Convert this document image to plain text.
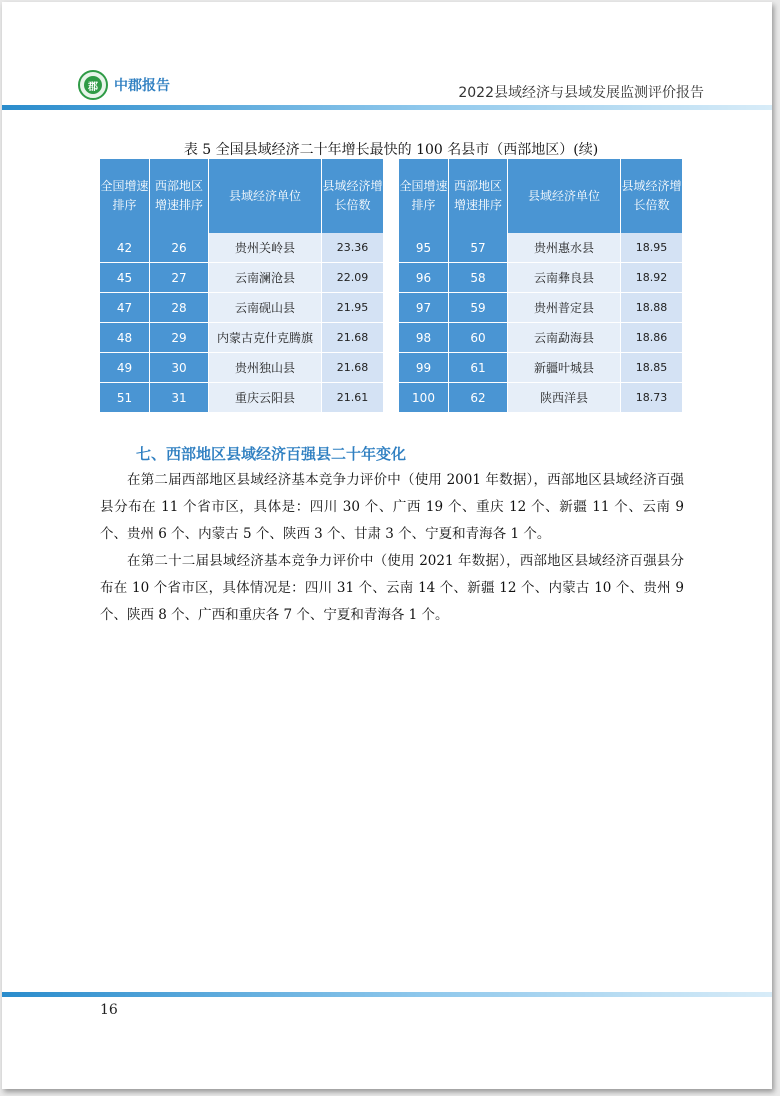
郡 中郡报告	2022县域经济与县域发展监测评价报告
表 5 全国县域经济二十年增长最快的 100 名县市（西部地区）(续)
全国增速排序	西部地区增速排序	县域经济单位	县域经济增长倍数
42	26	贵州关岭县	23.36
45	27	云南澜沧县	22.09
47	28	云南砚山县	21.95
48	29	内蒙古克什克腾旗	21.68
49	30	贵州独山县	21.68
51	31	重庆云阳县	21.61
全国增速排序	西部地区增速排序	县域经济单位	县域经济增长倍数
95	57	贵州惠水县	18.95
96	58	云南彝良县	18.92
97	59	贵州普定县	18.88
98	60	云南勐海县	18.86
99	61	新疆叶城县	18.85
100	62	陕西洋县	18.73
七、西部地区县域经济百强县二十年变化

在第二届西部地区县域经济基本竞争力评价中（使用 2001 年数据），西部地区县域经济百强县分布在 11 个省市区，具体是：四川 30 个、广西 19 个、重庆 12 个、新疆 11 个、云南 9 个、贵州 6 个、内蒙古 5 个、陕西 3 个、甘肃 3 个、宁夏和青海各 1 个。

在第二十二届县域经济基本竞争力评价中（使用 2021 年数据），西部地区县域经济百强县分布在 10 个省市区，具体情况是：四川 31 个、云南 14 个、新疆 12 个、内蒙古 10 个、贵州 9 个、陕西 8 个、广西和重庆各 7 个、宁夏和青海各 1 个。

16
